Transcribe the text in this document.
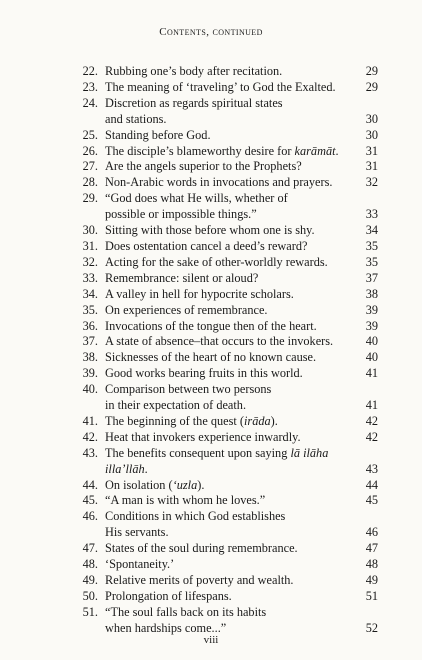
Contents, continued
22. Rubbing one’s body after recitation.	29
23. The meaning of ‘traveling’ to God the Exalted. 29
24. Discretion as regards spiritual states
and stations.	30
25. Standing before God.	30
26. The disciple’s blameworthy desire for karāmāt. 31
27. Are the angels superior to the Prophets?	31
28. Non-Arabic words in invocations and prayers.	32
29. “God does what He wills, whether of
possible or impossible things.”	33
30. Sitting with those before whom one is shy.	34
31. Does ostentation cancel a deed’s reward?	35
32. Acting for the sake of other-worldly rewards.	35
33. Remembrance: silent or aloud?	37
34. A valley in hell for hypocrite scholars.	38
35. On experiences of remembrance.	39
36. Invocations of the tongue then of the heart.	39
37. A state of absence–that occurs to the invokers.	40
38. Sicknesses of the heart of no known cause.	40
39. Good works bearing fruits in this world.	41
40. Comparison between two persons
in their expectation of death.	41
41. The beginning of the quest (irāda).	42
42. Heat that invokers experience inwardly.	42
43. The benefits consequent upon saying lā ilāha
illa’llāh.	43
44. On isolation (‘uzla).	44
45. “A man is with whom he loves.”	45
46. Conditions in which God establishes
His servants.	46
47. States of the soul during remembrance.	47
48. ‘Spontaneity.’	48
49. Relative merits of poverty and wealth.	49
50. Prolongation of lifespans.	51
51. “The soul falls back on its habits
when hardships come...”	52
viii
